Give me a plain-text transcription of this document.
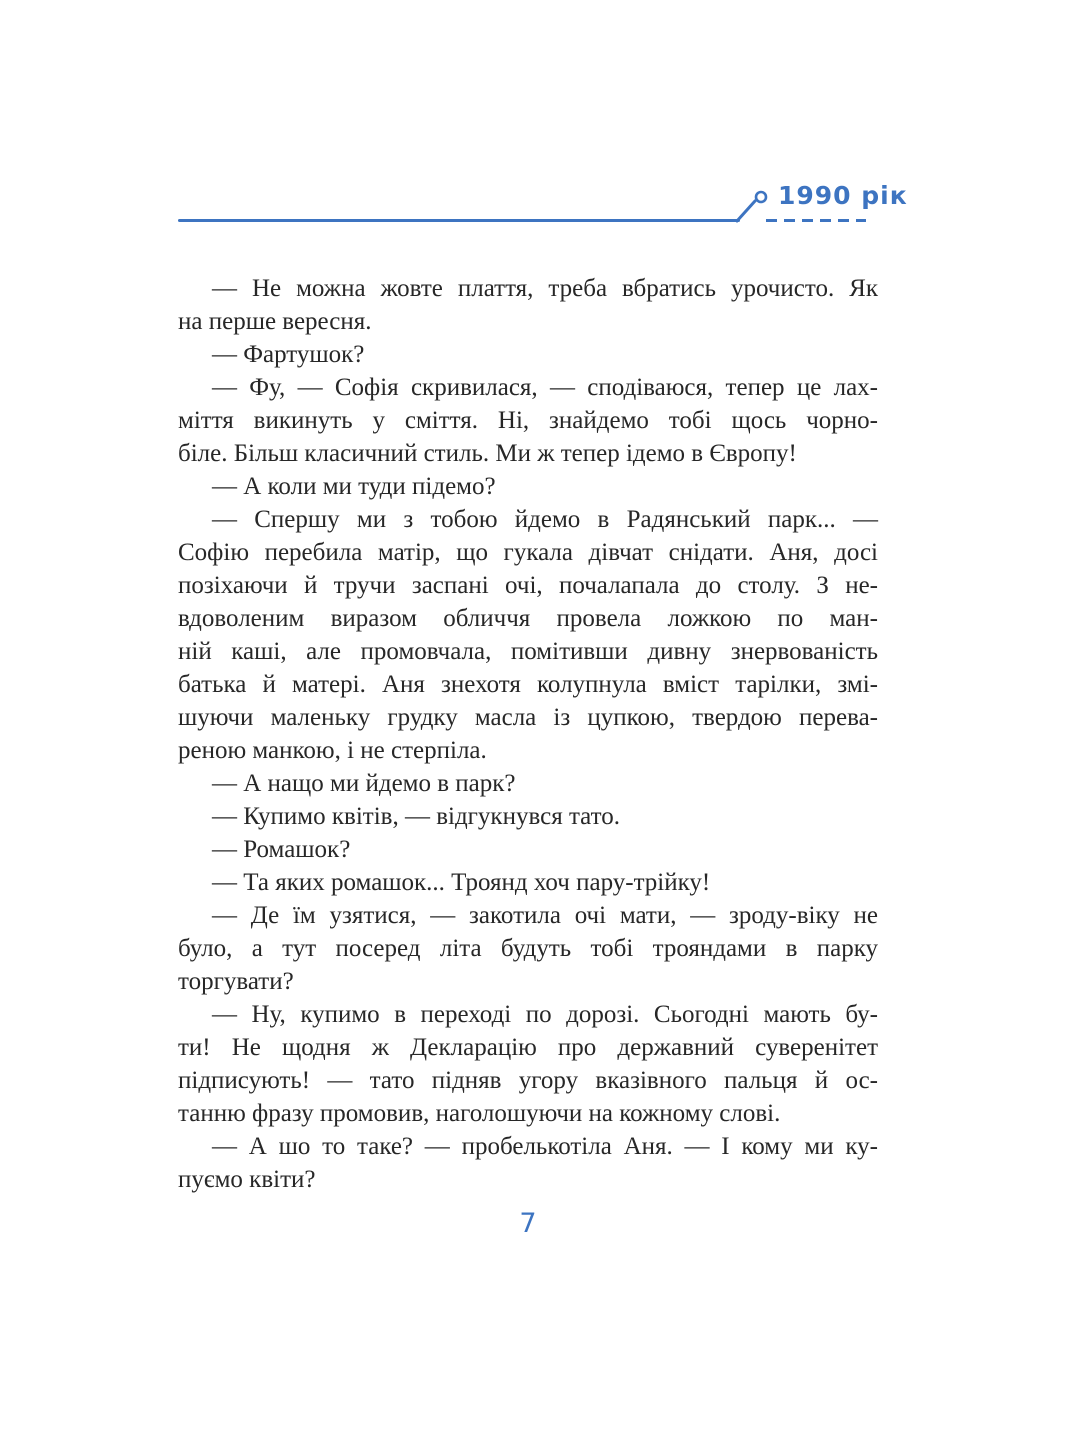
1990 рік
— Не можна жовте плаття, треба вбратись урочисто. Як
на перше вересня.
— Фартушок?
— Фу, — Софія скривилася, — сподіваюся, тепер це лах-
міття викинуть у сміття. Ні, знайдемо тобі щось чорно-
біле. Більш класичний стиль. Ми ж тепер ідемо в Європу!
— А коли ми туди підемо?
— Спершу ми з тобою йдемо в Радянський парк... —
Софію перебила матір, що гукала дівчат снідати. Аня, досі
позіхаючи й тручи заспані очі, почалапала до столу. З не-
вдоволеним виразом обличчя провела ложкою по ман-
ній каші, але промовчала, помітивши дивну знервованість
батька й матері. Аня знехотя колупнула вміст тарілки, змі-
шуючи маленьку грудку масла із цупкою, твердою перева-
реною манкою, і не стерпіла.
— А нащо ми йдемо в парк?
— Купимо квітів, — відгукнувся тато.
— Ромашок?
— Та яких ромашок... Троянд хоч пару-трійку!
— Де їм узятися, — закотила очі мати, — зроду-віку не
було, а тут посеред літа будуть тобі трояндами в парку
торгувати?
— Ну, купимо в переході по дорозі. Сьогодні мають бу-
ти! Не щодня ж Декларацію про державний суверенітет
підписують! — тато підняв угору вказівного пальця й ос-
танню фразу промовив, наголошуючи на кожному слові.
— А шо то таке? — пробелькотіла Аня. — І кому ми ку-
пуємо квіти?
7
